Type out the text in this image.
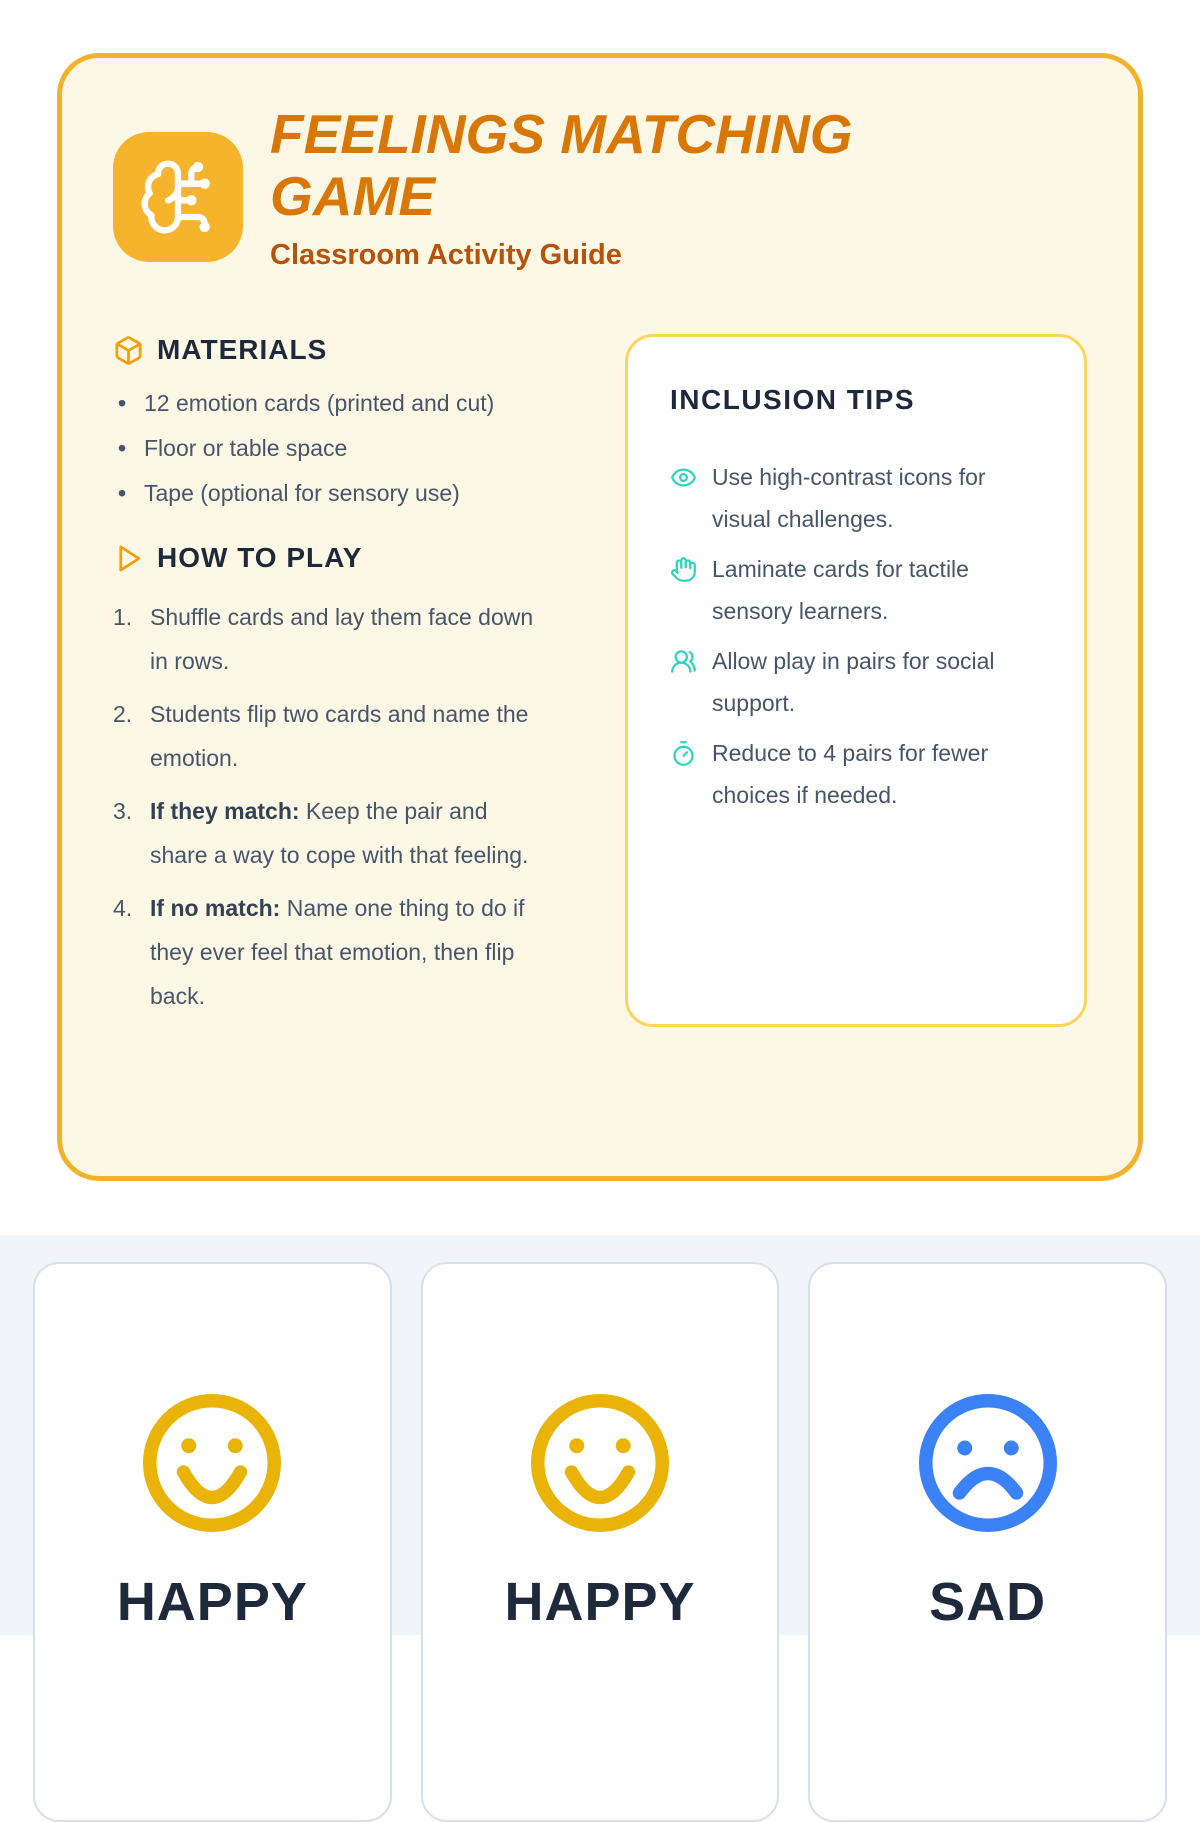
FEELINGS MATCHING
GAME
Classroom Activity Guide
MATERIALS
• 12 emotion cards (printed and cut)
• Floor or table space
• Tape (optional for sensory use)
HOW TO PLAY
Shuffle cards and lay them face down in rows.
Students flip two cards and name the emotion.
If they match: Keep the pair and share a way to cope with that feeling.
If no match: Name one thing to do if they ever feel that emotion, then flip back.
INCLUSION TIPS

Use high-contrast icons for visual challenges.

Laminate cards for tactile sensory learners.

Allow play in pairs for social support.

Reduce to 4 pairs for fewer choices if needed.

HAPPY	HAPPY	SAD
